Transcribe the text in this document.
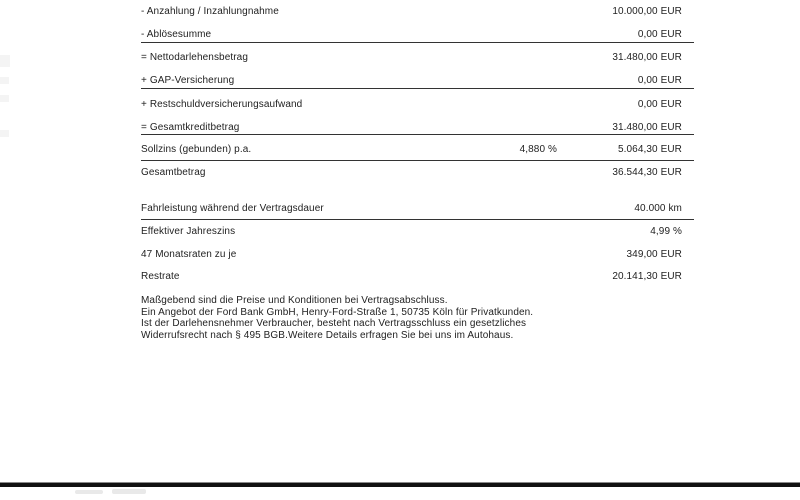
- Anzahlung / Inzahlungnahme	10.000,00 EUR
- Ablösesumme	0,00 EUR
= Nettodarlehensbetrag	31.480,00 EUR
+ GAP-Versicherung	0,00 EUR
+ Restschuldversicherungsaufwand	0,00 EUR
= Gesamtkreditbetrag	31.480,00 EUR
Sollzins (gebunden) p.a.	4,880 %	5.064,30 EUR
Gesamtbetrag	36.544,30 EUR
Fahrleistung während der Vertragsdauer	40.000 km
Effektiver Jahreszins	4,99 %
47 Monatsraten zu je	349,00 EUR
Restrate	20.141,30 EUR
Maßgebend sind die Preise und Konditionen bei Vertragsabschluss.
Ein Angebot der Ford Bank GmbH, Henry-Ford-Straße 1, 50735 Köln für Privatkunden.
Ist der Darlehensnehmer Verbraucher, besteht nach Vertragsschluss ein gesetzliches
Widerrufsrecht nach § 495 BGB.Weitere Details erfragen Sie bei uns im Autohaus.
